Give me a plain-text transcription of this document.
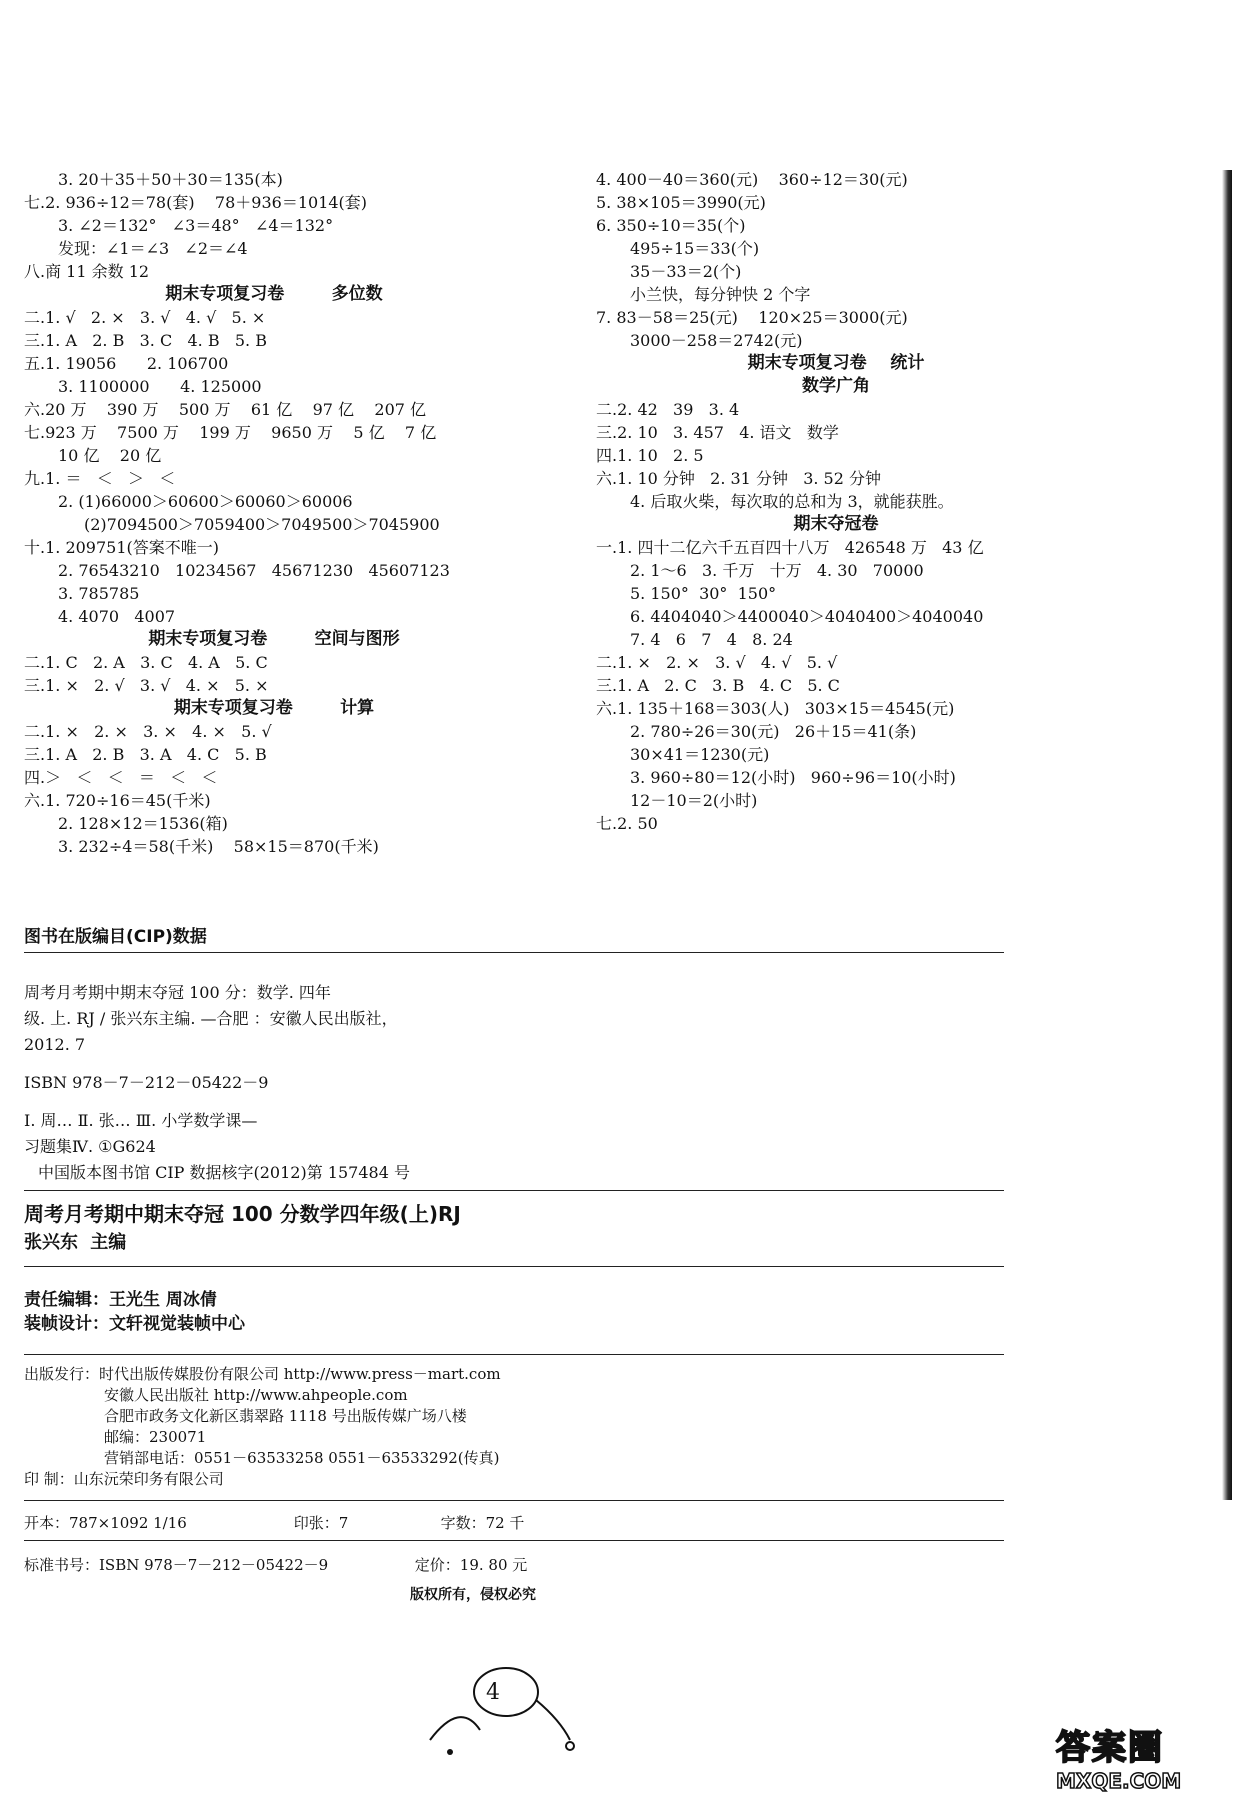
3. 20＋35＋50＋30＝135(本)
七.2. 936÷12＝78(套)    78＋936＝1014(套)
3. ∠2＝132°   ∠3＝48°   ∠4＝132°
发现：∠1＝∠3   ∠2＝∠4
八.商 11 余数 12
期末专项复习卷        多位数
二.1. √   2. ×   3. √   4. √   5. ×
三.1. A   2. B   3. C   4. B   5. B
五.1. 19056      2. 106700
3. 1100000      4. 125000
六.20 万    390 万    500 万    61 亿    97 亿    207 亿
七.923 万    7500 万    199 万    9650 万    5 亿    7 亿
10 亿    20 亿
九.1. ＝   ＜   ＞   ＜
2. (1)66000＞60600＞60060＞60006
(2)7094500＞7059400＞7049500＞7045900
十.1. 209751(答案不唯一)
2. 76543210   10234567   45671230   45607123
3. 785785
4. 4070   4007
期末专项复习卷        空间与图形
二.1. C   2. A   3. C   4. A   5. C
三.1. ×   2. √   3. √   4. ×   5. ×
期末专项复习卷        计算
二.1. ×   2. ×   3. ×   4. ×   5. √
三.1. A   2. B   3. A   4. C   5. B
四.＞   ＜   ＜   ＝   ＜   ＜
六.1. 720÷16＝45(千米)
2. 128×12＝1536(箱)
3. 232÷4＝58(千米)    58×15＝870(千米)
4. 400－40＝360(元)    360÷12＝30(元)
5. 38×105＝3990(元)
6. 350÷10＝35(个)
495÷15＝33(个)
35－33＝2(个)
小兰快，每分钟快 2 个字
7. 83－58＝25(元)    120×25＝3000(元)
3000－258＝2742(元)
期末专项复习卷    统计
数学广角
二.2. 42   39   3. 4
三.2. 10   3. 457   4. 语文   数学
四.1. 10   2. 5
六.1. 10 分钟   2. 31 分钟   3. 52 分钟
4. 后取火柴，每次取的总和为 3，就能获胜。
期末夺冠卷
一.1. 四十二亿六千五百四十八万   426548 万   43 亿
2. 1～6   3. 千万   十万   4. 30   70000
5. 150°  30°  150°
6. 4404040＞4400040＞4040400＞4040040
7. 4   6   7   4   8. 24
二.1. ×   2. ×   3. √   4. √   5. √
三.1. A   2. C   3. B   4. C   5. C
六.1. 135＋168＝303(人)   303×15＝4545(元)
2. 780÷26＝30(元)   26＋15＝41(条)
30×41＝1230(元)
3. 960÷80＝12(小时)   960÷96＝10(小时)
12－10＝2(小时)
七.2. 50
图书在版编目(CIP)数据
周考月考期中期末夺冠 100 分：数学. 四年
级. 上. RJ / 张兴东主编. —合肥 ：安徽人民出版社，
2012. 7
ISBN 978－7－212－05422－9
Ⅰ. 周… Ⅱ. 张… Ⅲ. 小学数学课—
习题集Ⅳ. ①G624
中国版本图书馆 CIP 数据核字(2012)第 157484 号
周考月考期中期末夺冠 100 分数学四年级(上)RJ
张兴东 主编
责任编辑：王光生 周冰倩
装帧设计：文轩视觉装帧中心
出版发行：时代出版传媒股份有限公司 http://www.press－mart.com
安徽人民出版社 http://www.ahpeople.com
合肥市政务文化新区翡翠路 1118 号出版传媒广场八楼
邮编：230071
营销部电话：0551－63533258 0551－63533292(传真)
印 制：山东沅荣印务有限公司
开本：787×1092 1/16	印张：7	字数：72 千
标准书号：ISBN 978－7－212－05422－9	定价：19. 80 元
版权所有，侵权必究
4
答案圈
MXQE.COM
